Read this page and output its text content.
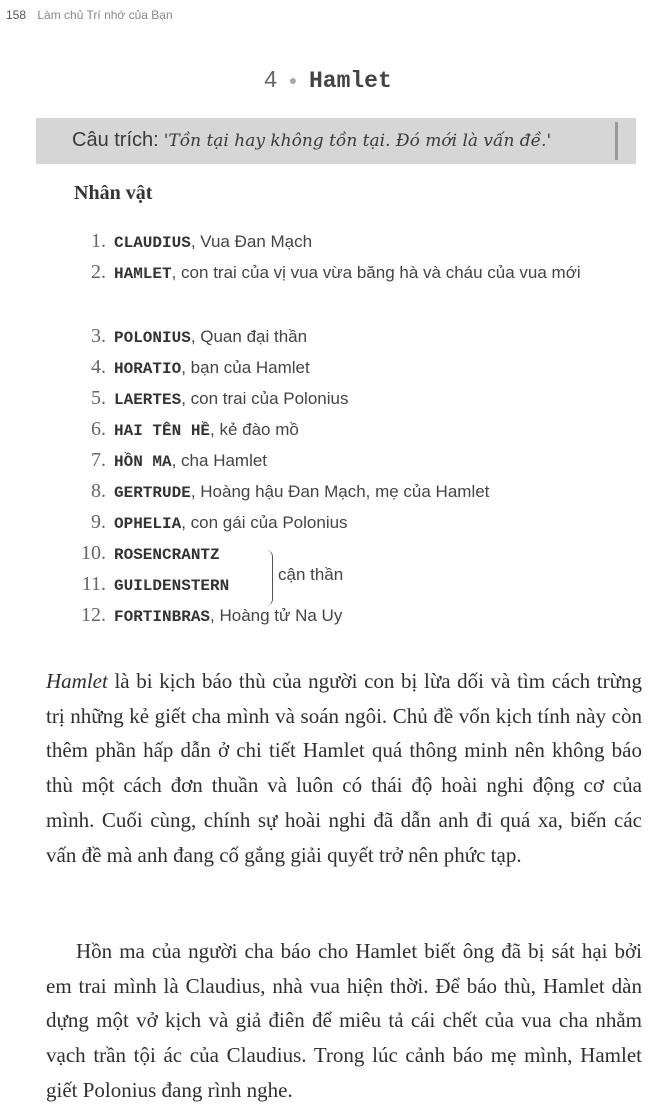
158 Làm chủ Trí nhớ của Bạn
4 ● Hamlet
Câu trích: 'Tồn tại hay không tồn tại. Đó mới là vấn đề.'
Nhân vật
1. CLAUDIUS, Vua Đan Mạch
2. HAMLET, con trai của vị vua vừa băng hà và cháu của vua mới
3. POLONIUS, Quan đại thần
4. HORATIO, bạn của Hamlet
5. LAERTES, con trai của Polonius
6. HAI TÊN HỀ, kẻ đào mồ
7. HỒN MA, cha Hamlet
8. GERTRUDE, Hoàng hậu Đan Mạch, mẹ của Hamlet
9. OPHELIA, con gái của Polonius
10. ROSENCRANTZ
11. GUILDENSTERN
12. FORTINBRAS, Hoàng tử Na Uy
cận thần

Hamlet là bi kịch báo thù của người con bị lừa dối và tìm cách trừng trị những kẻ giết cha mình và soán ngôi. Chủ đề vốn kịch tính này còn thêm phần hấp dẫn ở chi tiết Hamlet quá thông minh nên không báo thù một cách đơn thuần và luôn có thái độ hoài nghi động cơ của mình. Cuối cùng, chính sự hoài nghi đã dẫn anh đi quá xa, biến các vấn đề mà anh đang cố gắng giải quyết trở nên phức tạp.

Hồn ma của người cha báo cho Hamlet biết ông đã bị sát hại bởi em trai mình là Claudius, nhà vua hiện thời. Để báo thù, Hamlet dàn dựng một vở kịch và giả điên để miêu tả cái chết của vua cha nhằm vạch trần tội ác của Claudius. Trong lúc cảnh báo mẹ mình, Hamlet giết Polonius đang rình nghe.
